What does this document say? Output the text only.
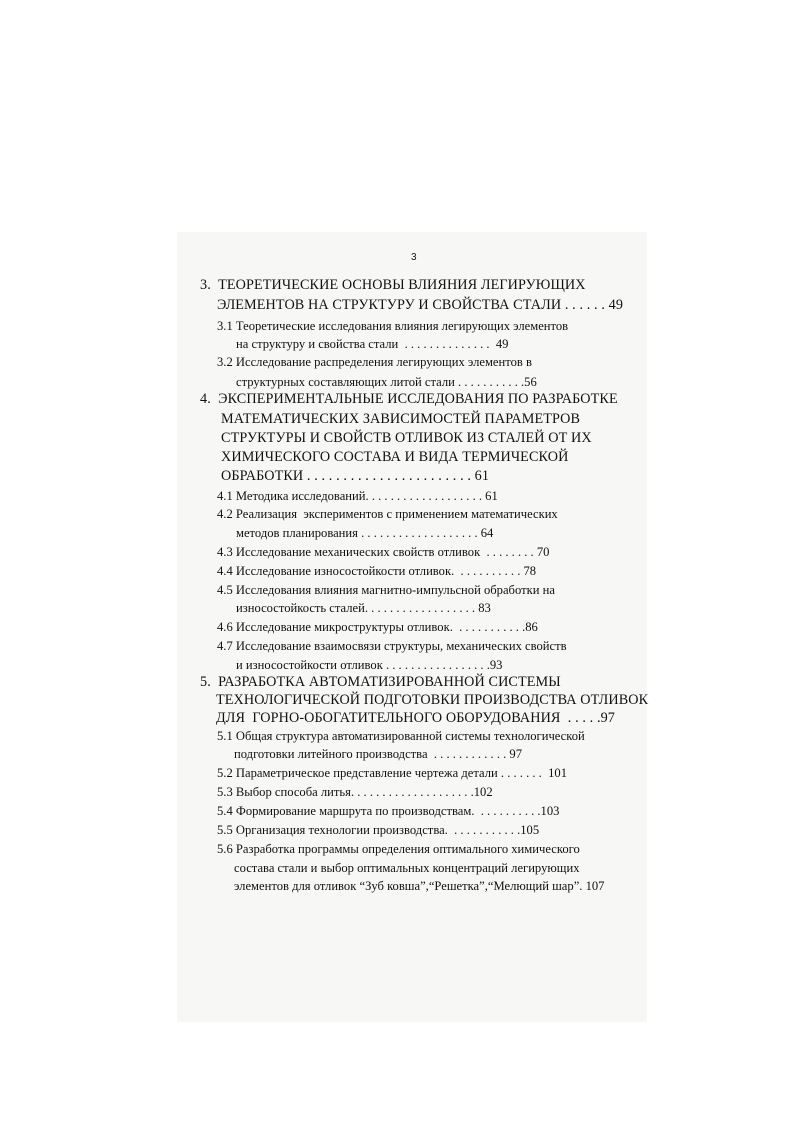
3
3.  ТЕОРЕТИЧЕСКИЕ ОСНОВЫ ВЛИЯНИЯ ЛЕГИРУЮЩИХ
ЭЛЕМЕНТОВ НА СТРУКТУРУ И СВОЙСТВА СТАЛИ . . . . . . 49
3.1 Теоретические исследования влияния легирующих элементов
на структуру и свойства стали  . . . . . . . . . . . . . .  49
3.2 Исследование распределения легирующих элементов в
структурных составляющих литой стали . . . . . . . . . . .56
4.  ЭКСПЕРИМЕНТАЛЬНЫЕ ИССЛЕДОВАНИЯ ПО РАЗРАБОТКЕ
МАТЕМАТИЧЕСКИХ ЗАВИСИМОСТЕЙ ПАРАМЕТРОВ
СТРУКТУРЫ И СВОЙСТВ ОТЛИВОК ИЗ СТАЛЕЙ ОТ ИХ
ХИМИЧЕСКОГО СОСТАВА И ВИДА ТЕРМИЧЕСКОЙ
ОБРАБОТКИ . . . . . . . . . . . . . . . . . . . . . . . 61
4.1 Методика исследований. . . . . . . . . . . . . . . . . . . 61
4.2 Реализация  экспериментов с применением математических
методов планирования . . . . . . . . . . . . . . . . . . . 64
4.3 Исследование механических свойств отливок  . . . . . . . . 70
4.4 Исследование износостойкости отливок.  . . . . . . . . . . 78
4.5 Исследования влияния магнитно-импульсной обработки на
износостойкость сталей. . . . . . . . . . . . . . . . . . 83
4.6 Исследование микроструктуры отливок.  . . . . . . . . . . .86
4.7 Исследование взаимосвязи структуры, механических свойств
и износостойкости отливок . . . . . . . . . . . . . . . . .93
5.  РАЗРАБОТКА АВТОМАТИЗИРОВАННОЙ СИСТЕМЫ
ТЕХНОЛОГИЧЕСКОЙ ПОДГОТОВКИ ПРОИЗВОДСТВА ОТЛИВОК
ДЛЯ  ГОРНО-ОБОГАТИТЕЛЬНОГО ОБОРУДОВАНИЯ  . . . . .97
5.1 Общая структура автоматизированной системы технологической
подготовки литейного производства  . . . . . . . . . . . . 97
5.2 Параметрическое представление чертежа детали . . . . . . .  101
5.3 Выбор способа литья. . . . . . . . . . . . . . . . . . . .102
5.4 Формирование маршрута по производствам.  . . . . . . . . . .103
5.5 Организация технологии производства.  . . . . . . . . . . .105
5.6 Разработка программы определения оптимального химического
состава стали и выбор оптимальных концентраций легирующих
элементов для отливок “Зуб ковша”,“Решетка”,“Мелющий шар”. 107
